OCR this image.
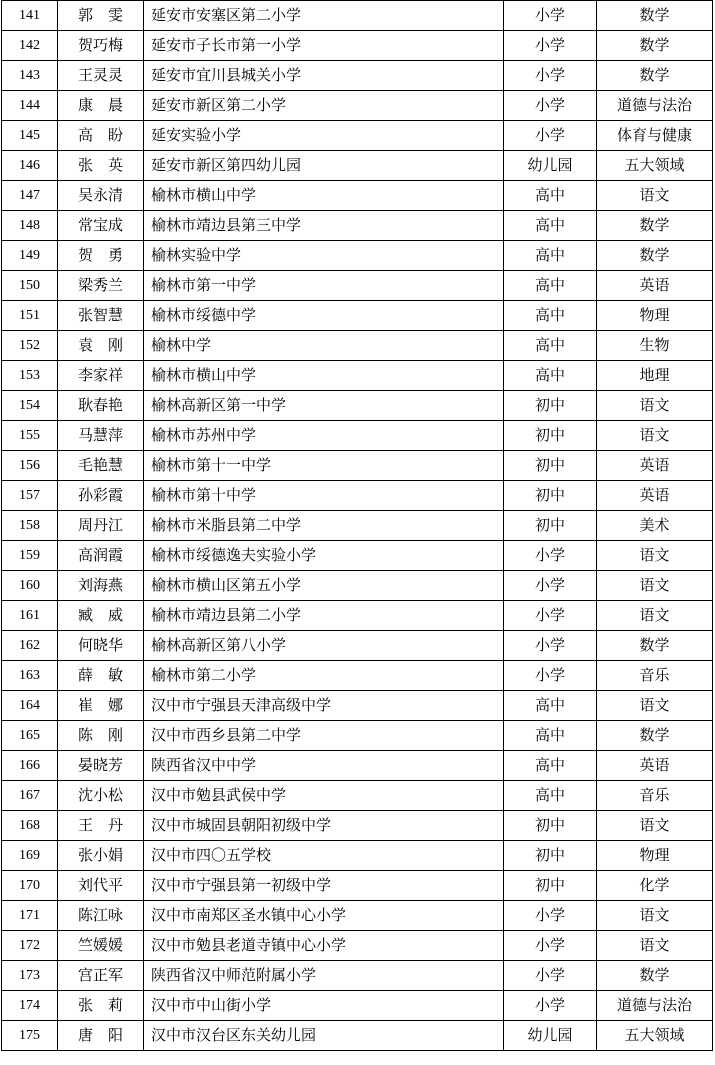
141	郭　雯	延安市安塞区第二小学	小学	数学
142	贺巧梅	延安市子长市第一小学	小学	数学
143	王灵灵	延安市宜川县城关小学	小学	数学
144	康　晨	延安市新区第二小学	小学	道德与法治
145	高　盼	延安实验小学	小学	体育与健康
146	张　英	延安市新区第四幼儿园	幼儿园	五大领域
147	吴永清	榆林市横山中学	高中	语文
148	常宝成	榆林市靖边县第三中学	高中	数学
149	贺　勇	榆林实验中学	高中	数学
150	梁秀兰	榆林市第一中学	高中	英语
151	张智慧	榆林市绥德中学	高中	物理
152	袁　刚	榆林中学	高中	生物
153	李家祥	榆林市横山中学	高中	地理
154	耿春艳	榆林高新区第一中学	初中	语文
155	马慧萍	榆林市苏州中学	初中	语文
156	毛艳慧	榆林市第十一中学	初中	英语
157	孙彩霞	榆林市第十中学	初中	英语
158	周丹江	榆林市米脂县第二中学	初中	美术
159	高润霞	榆林市绥德逸夫实验小学	小学	语文
160	刘海燕	榆林市横山区第五小学	小学	语文
161	臧　威	榆林市靖边县第二小学	小学	语文
162	何晓华	榆林高新区第八小学	小学	数学
163	薛　敏	榆林市第二小学	小学	音乐
164	崔　娜	汉中市宁强县天津高级中学	高中	语文
165	陈　刚	汉中市西乡县第二中学	高中	数学
166	晏晓芳	陕西省汉中中学	高中	英语
167	沈小松	汉中市勉县武侯中学	高中	音乐
168	王　丹	汉中市城固县朝阳初级中学	初中	语文
169	张小娟	汉中市四〇五学校	初中	物理
170	刘代平	汉中市宁强县第一初级中学	初中	化学
171	陈江咏	汉中市南郑区圣水镇中心小学	小学	语文
172	竺媛媛	汉中市勉县老道寺镇中心小学	小学	语文
173	宫正军	陕西省汉中师范附属小学	小学	数学
174	张　莉	汉中市中山街小学	小学	道德与法治
175	唐　阳	汉中市汉台区东关幼儿园	幼儿园	五大领域
